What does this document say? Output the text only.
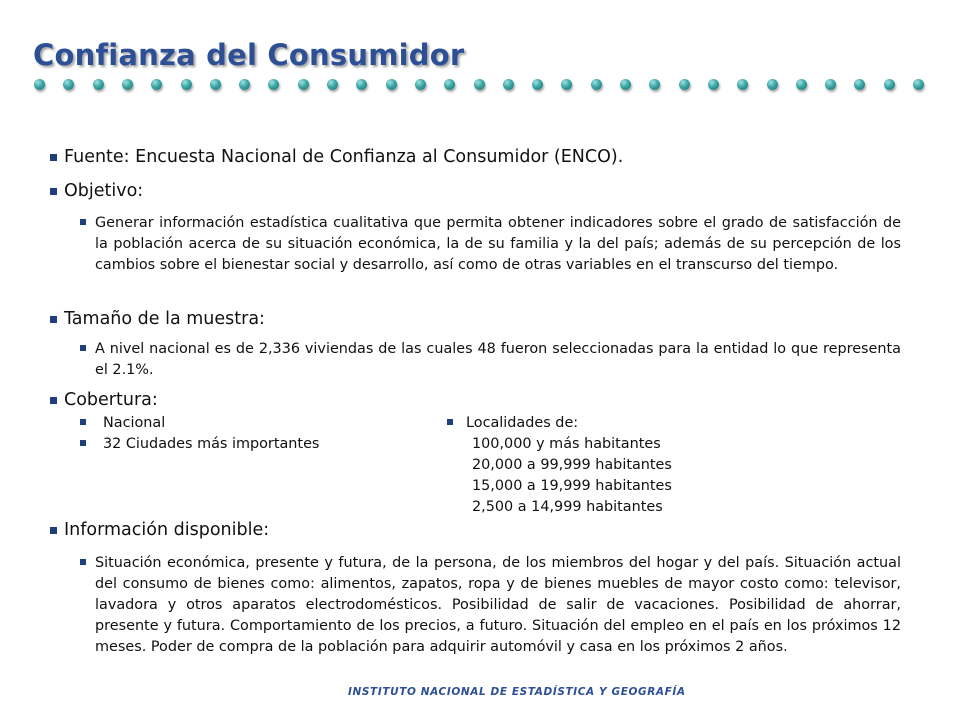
Confianza del Consumidor
Fuente: Encuesta Nacional de Confianza al Consumidor (ENCO).
Objetivo:
Generar información estadística cualitativa que permita obtener indicadores sobre el grado de satisfacción de la población acerca de su situación económica, la de su familia y la del país; además de su percepción de los cambios sobre el bienestar social y desarrollo, así como de otras variables en el transcurso del tiempo.
Tamaño de la muestra:
A nivel nacional es de 2,336 viviendas de las cuales 48 fueron seleccionadas para la entidad lo que representa el 2.1%.
Cobertura:
Nacional
32 Ciudades más importantes
Localidades de:
100,000 y más habitantes
20,000 a 99,999 habitantes
15,000 a 19,999 habitantes
2,500 a 14,999 habitantes
Información disponible:
Situación económica, presente y futura, de la persona, de los miembros del hogar y del país. Situación actual del consumo de bienes como: alimentos, zapatos, ropa y de bienes muebles de mayor costo como: televisor, lavadora y otros aparatos electrodomésticos. Posibilidad de salir de vacaciones. Posibilidad de ahorrar, presente y futura. Comportamiento de los precios, a futuro. Situación del empleo en el país en los próximos 12 meses. Poder de compra de la población para adquirir automóvil y casa en los próximos 2 años.
INSTITUTO NACIONAL DE ESTADÍSTICA Y GEOGRAFÍA
